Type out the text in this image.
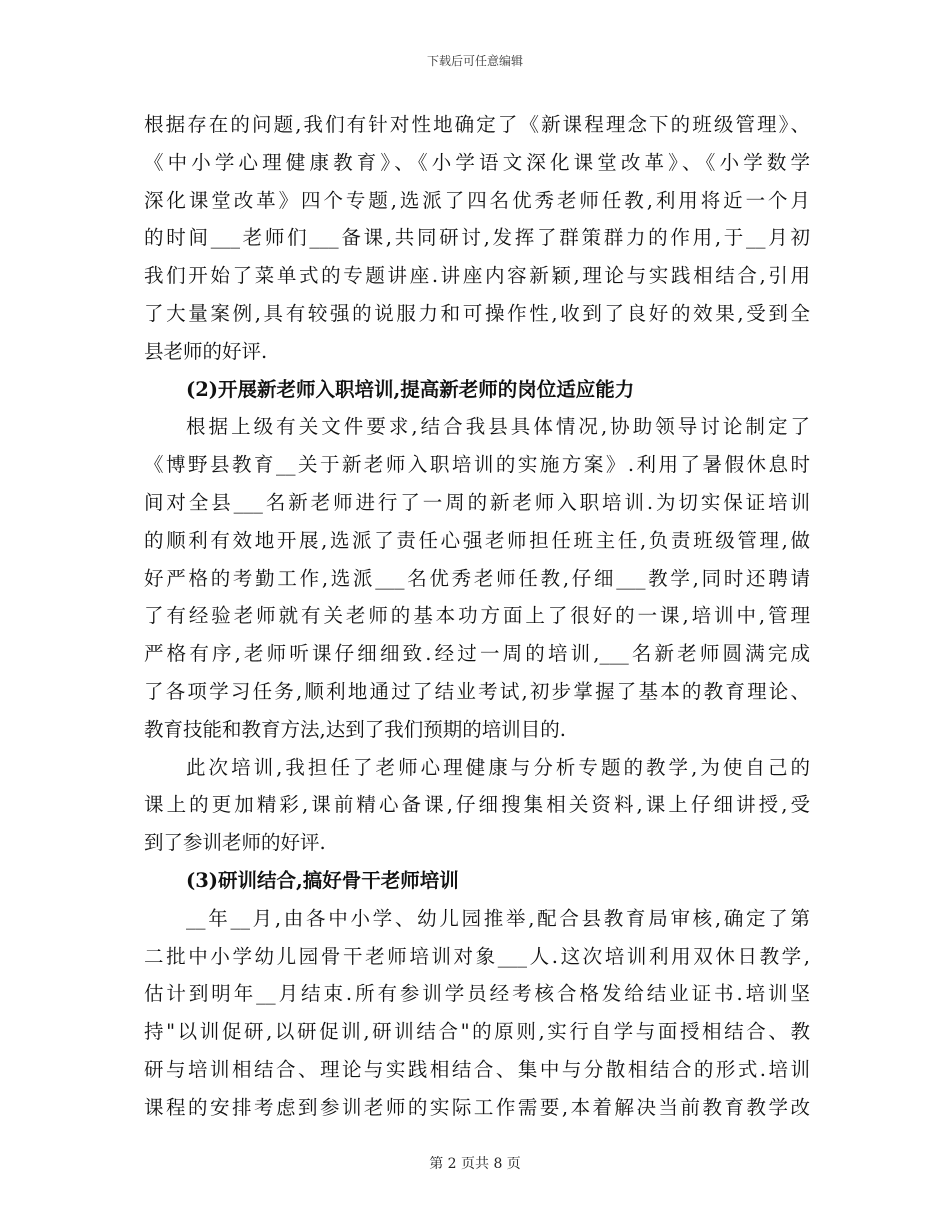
下载后可任意编辑
根据存在的问题,我们有针对性地确定了《新课程理念下的班级管理》、
《中小学心理健康教育》、《小学语文深化课堂改革》、《小学数学
深化课堂改革》四个专题,选派了四名优秀老师任教,利用将近一个月
的时间___老师们___备课,共同研讨,发挥了群策群力的作用,于__月初
我们开始了菜单式的专题讲座.讲座内容新颖,理论与实践相结合,引用
了大量案例,具有较强的说服力和可操作性,收到了良好的效果,受到全
县老师的好评.
(2)开展新老师入职培训,提高新老师的岗位适应能力
根据上级有关文件要求,结合我县具体情况,协助领导讨论制定了
《博野县教育__关于新老师入职培训的实施方案》.利用了暑假休息时
间对全县___名新老师进行了一周的新老师入职培训.为切实保证培训
的顺利有效地开展,选派了责任心强老师担任班主任,负责班级管理,做
好严格的考勤工作,选派___名优秀老师任教,仔细___教学,同时还聘请
了有经验老师就有关老师的基本功方面上了很好的一课,培训中,管理
严格有序,老师听课仔细细致.经过一周的培训,___名新老师圆满完成
了各项学习任务,顺利地通过了结业考试,初步掌握了基本的教育理论、
教育技能和教育方法,达到了我们预期的培训目的.
此次培训,我担任了老师心理健康与分析专题的教学,为使自己的
课上的更加精彩,课前精心备课,仔细搜集相关资料,课上仔细讲授,受
到了参训老师的好评.
(3)研训结合,搞好骨干老师培训
__年__月,由各中小学、幼儿园推举,配合县教育局审核,确定了第
二批中小学幼儿园骨干老师培训对象___人.这次培训利用双休日教学,
估计到明年__月结束.所有参训学员经考核合格发给结业证书.培训坚
持"以训促研,以研促训,研训结合"的原则,实行自学与面授相结合、教
研与培训相结合、理论与实践相结合、集中与分散相结合的形式.培训
课程的安排考虑到参训老师的实际工作需要,本着解决当前教育教学改
第 2 页共 8 页
